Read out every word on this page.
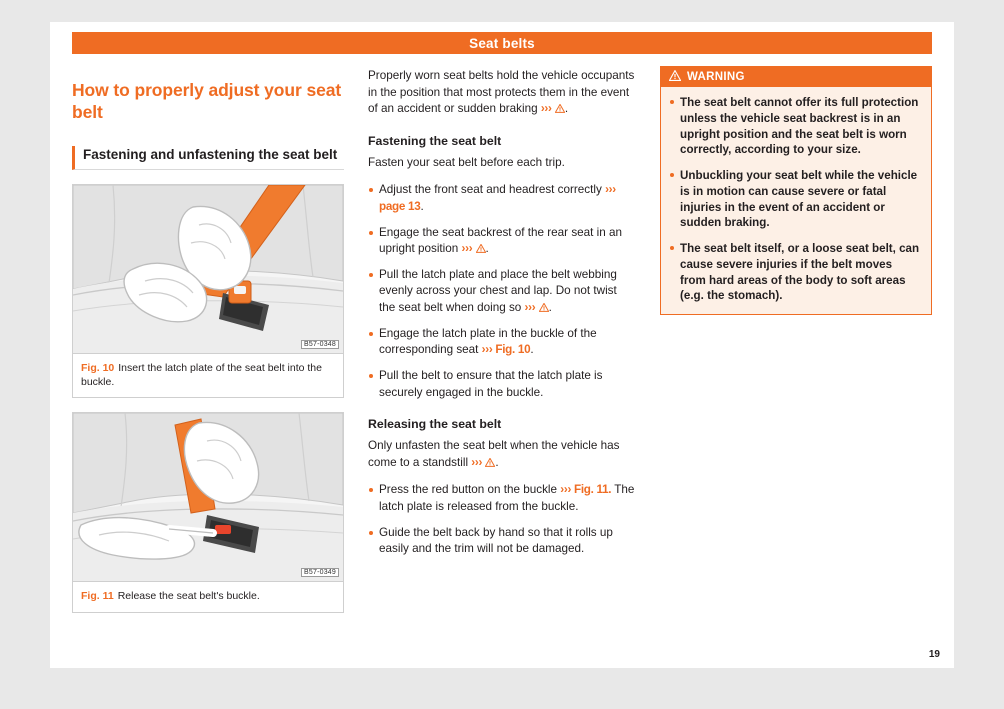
Seat belts
How to properly adjust your seat belt
Fastening and unfastening the seat belt
B57-0348
Fig. 10 Insert the latch plate of the seat belt into the buckle.
B57-0349
Fig. 11 Release the seat belt's buckle.

Properly worn seat belts hold the vehicle occupants in the position that most protects them in the event of an accident or sudden braking ››› .

Fastening the seat belt

Fasten your seat belt before each trip.

Adjust the front seat and headrest correctly ››› page 13.
Engage the seat backrest of the rear seat in an upright position ››› .
Pull the latch plate and place the belt webbing evenly across your chest and lap. Do not twist the seat belt when doing so ››› .
Engage the latch plate in the buckle of the corresponding seat ››› Fig. 10.
Pull the belt to ensure that the latch plate is securely engaged in the buckle.
Releasing the seat belt

Only unfasten the seat belt when the vehicle has come to a standstill ››› .

Press the red button on the buckle ››› Fig. 11. The latch plate is released from the buckle.
Guide the belt back by hand so that it rolls up easily and the trim will not be damaged.
WARNING
The seat belt cannot offer its full protection unless the vehicle seat backrest is in an upright position and the seat belt is worn correctly, according to your size.
Unbuckling your seat belt while the vehicle is in motion can cause severe or fatal injuries in the event of an accident or sudden braking.
The seat belt itself, or a loose seat belt, can cause severe injuries if the belt moves from hard areas of the body to soft areas (e.g. the stomach).
19
